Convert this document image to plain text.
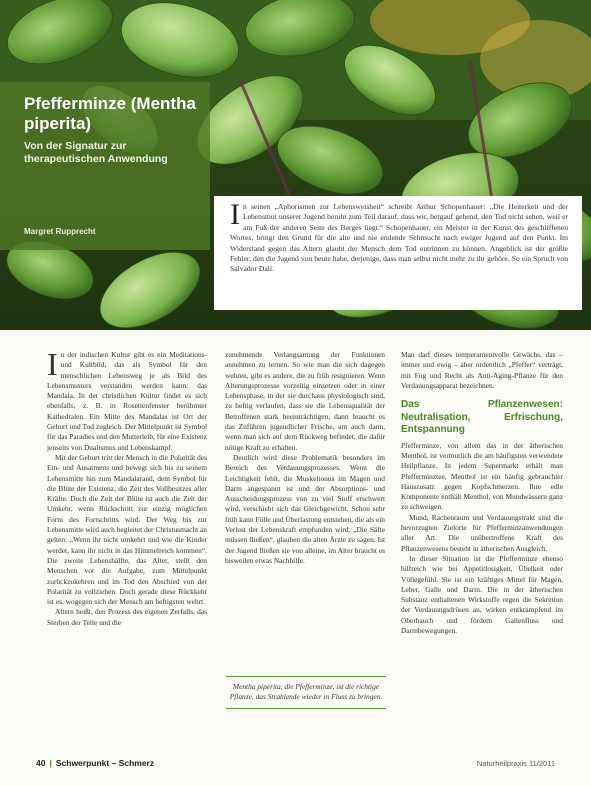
Pfefferminze (Mentha piperita)

Von der Signatur zur therapeutischen Anwendung

Margret Rupprecht

In seinen „Aphorismen zur Lebensweisheit“ schreibt Arthur Schopenhauer: „Die Heiterkeit und der Lebensmut unserer Jugend beruht zum Teil darauf, dass wir, bergauf gehend, den Tod nicht sehen, weil er am Fuß der anderen Seite des Berges liegt.“ Schopenhauer, ein Meister in der Kunst des geschliffenen Wortes, bringt den Grund für die alte und nie endende Sehnsucht nach ewiger Jugend auf den Punkt. Im Widerstand gegen das Altern glaubt der Mensch dem Tod entrinnen zu können. Angeblick ist der größte Fehler, den die Jugend von heute habe, derjenige, dass man selbst nicht mehr zu ihr gehöre. So ein Spruch von Salvador Dalí.

In der indischen Kultur gibt es ein Meditations- und Kultbild, das als Symbol für den menschlichen Lebensweg je als Bild des Lebensmusters verstanden werden kann: das Mandala. In der christlichen Kultur findet es sich ebenfalls, z. B. in Rosettenfenster berühmter Kathedralen. Ein Mitte des Mandalas ist Ort der Geburt und Tod zugleich. Der Mittelpunkt ist Symbol für das Paradies und den Mutterleib, für eine Existenz jenseits von Dualismus und Lebenskampf.

Mit der Geburt tritt der Mensch in die Polarität des Ein- und Ausatmens und bewegt sich bis zu seinem Lebensmitte hin zum Mandalarand, dem Symbol für die Blüte der Existenz, die Zeit des Vollbesitzes aller Kräfte. Doch die Zeit der Blüte ist auch die Zeit der Umkehr, wenn Rückschritt zur einzig möglichen Form des Fortschritts wird. Der Weg bis zur Lebensmitte wird auch begleitet der Christusmacht an gelten: „Wenn ihr nicht umkehrt und wie die Kinder werdet, kann ihr nicht in das Himmelreich kommen“. Die zweite Lebenshälfte, das Alter, stellt den Menschen vor die Aufgabe, zum Mittelpunkt zurückzukehren und im Tod den Abschied von der Polarität zu vollziehen. Doch gerade diese Rückkehr ist es, wogegen sich der Mensch am heftigsten wehrt.

Altern heißt, den Prozess des eigenen Zerfalls, das Sterben der Teile und die

zunehmende Verlangsamung der Funktionen annehmen zu lernen. So wie man die sich dagegen wehren, gibt es andere, die zu früh resignieren. Wenn Alterungsprozesse vorzeitig einsetzen oder in einer Lebensphase, in der sie durchaus physiologisch sind, zu heftig verlaufen, dass sie die Lebensqualität der Betroffenen stark beeinträchtigen, dann braucht es das Zuführen jugendlicher Frische, am auch dann, wenn man sich auf dem Rückweg befindet, die dafür nötige Kraft zu erhalten.

Deutlich wird diese Problematik besonders im Bereich des Verdauungsprozesses. Wenn die Leichtigkeit fehlt, die Muskeltonus im Magen und Darm angespannt ist und der Absorptions- und Ausscheidungsprozess von zu viel Stoff erschwert wird, verschiebt sich das Gleichgewicht. Schon sehr früh kann Fülle und Überlastung entstehen, die als ein Verlust der Lebenskraft empfunden wird. „Die Säfte müssen fließen“, glauben die alten Ärzte zu sagen. Ist der Jugend fließen sie von alleine, im Alter braucht es bisweilen etwas Nachhilfe.

Mentha piperita, die Pfefferminze, ist die richtige Pflanze, das Strahlende wieder in Fluss zu bringen.

Man darf dieses temperamentvolle Gewächs, das – immer und ewig – aber ordentlich „Pfeffer“ verträgt, mit Fug und Recht als Anti-Aging-Pflanze für den Verdauungsapparat bezeichnen.

Das Pflanzenwesen: Neutralisation, Erfrischung, Entspannung

Pfefferminze, von allem das in der ätherischen Menthol, ist vermutlich die am häufigsten verwendete Heilpflanze. In jedem Supermarkt erhält man Pfefferminztee, Menthol ist ein häufig gebrauchter Hauszusatz gegen Kopfschmerzen. Ihre edle Komponente enthält Menthol, von Mundwässern ganz zu schweigen.

Mund, Rachenraum und Verdauungstrakt sind die bevorzugten Zielorte für Pfefferminzanwendungen aller Art. Die unübertroffene Kraft des Pflanzenwesens besteht in ätherischen Ausgleich.

In dieser Situation ist die Pfefferminze ebenso hilfreich wie bei Appetitlosigkeit, Übelkeit oder Völlegefühl. Sie ist ein kräftiges Mittel für Magen, Leber, Galle und Darm. Die in der ätherischen Substanz enthaltenen Wirkstoffe regen die Sekretion der Verdauungsdrüsen an, wirken entkrampfend im Oberbauch und fördern Gallenfluss und Darmbewegungen.

40 | Schwerpunkt – Schmerz	Naturheilpraxis 11/2011
